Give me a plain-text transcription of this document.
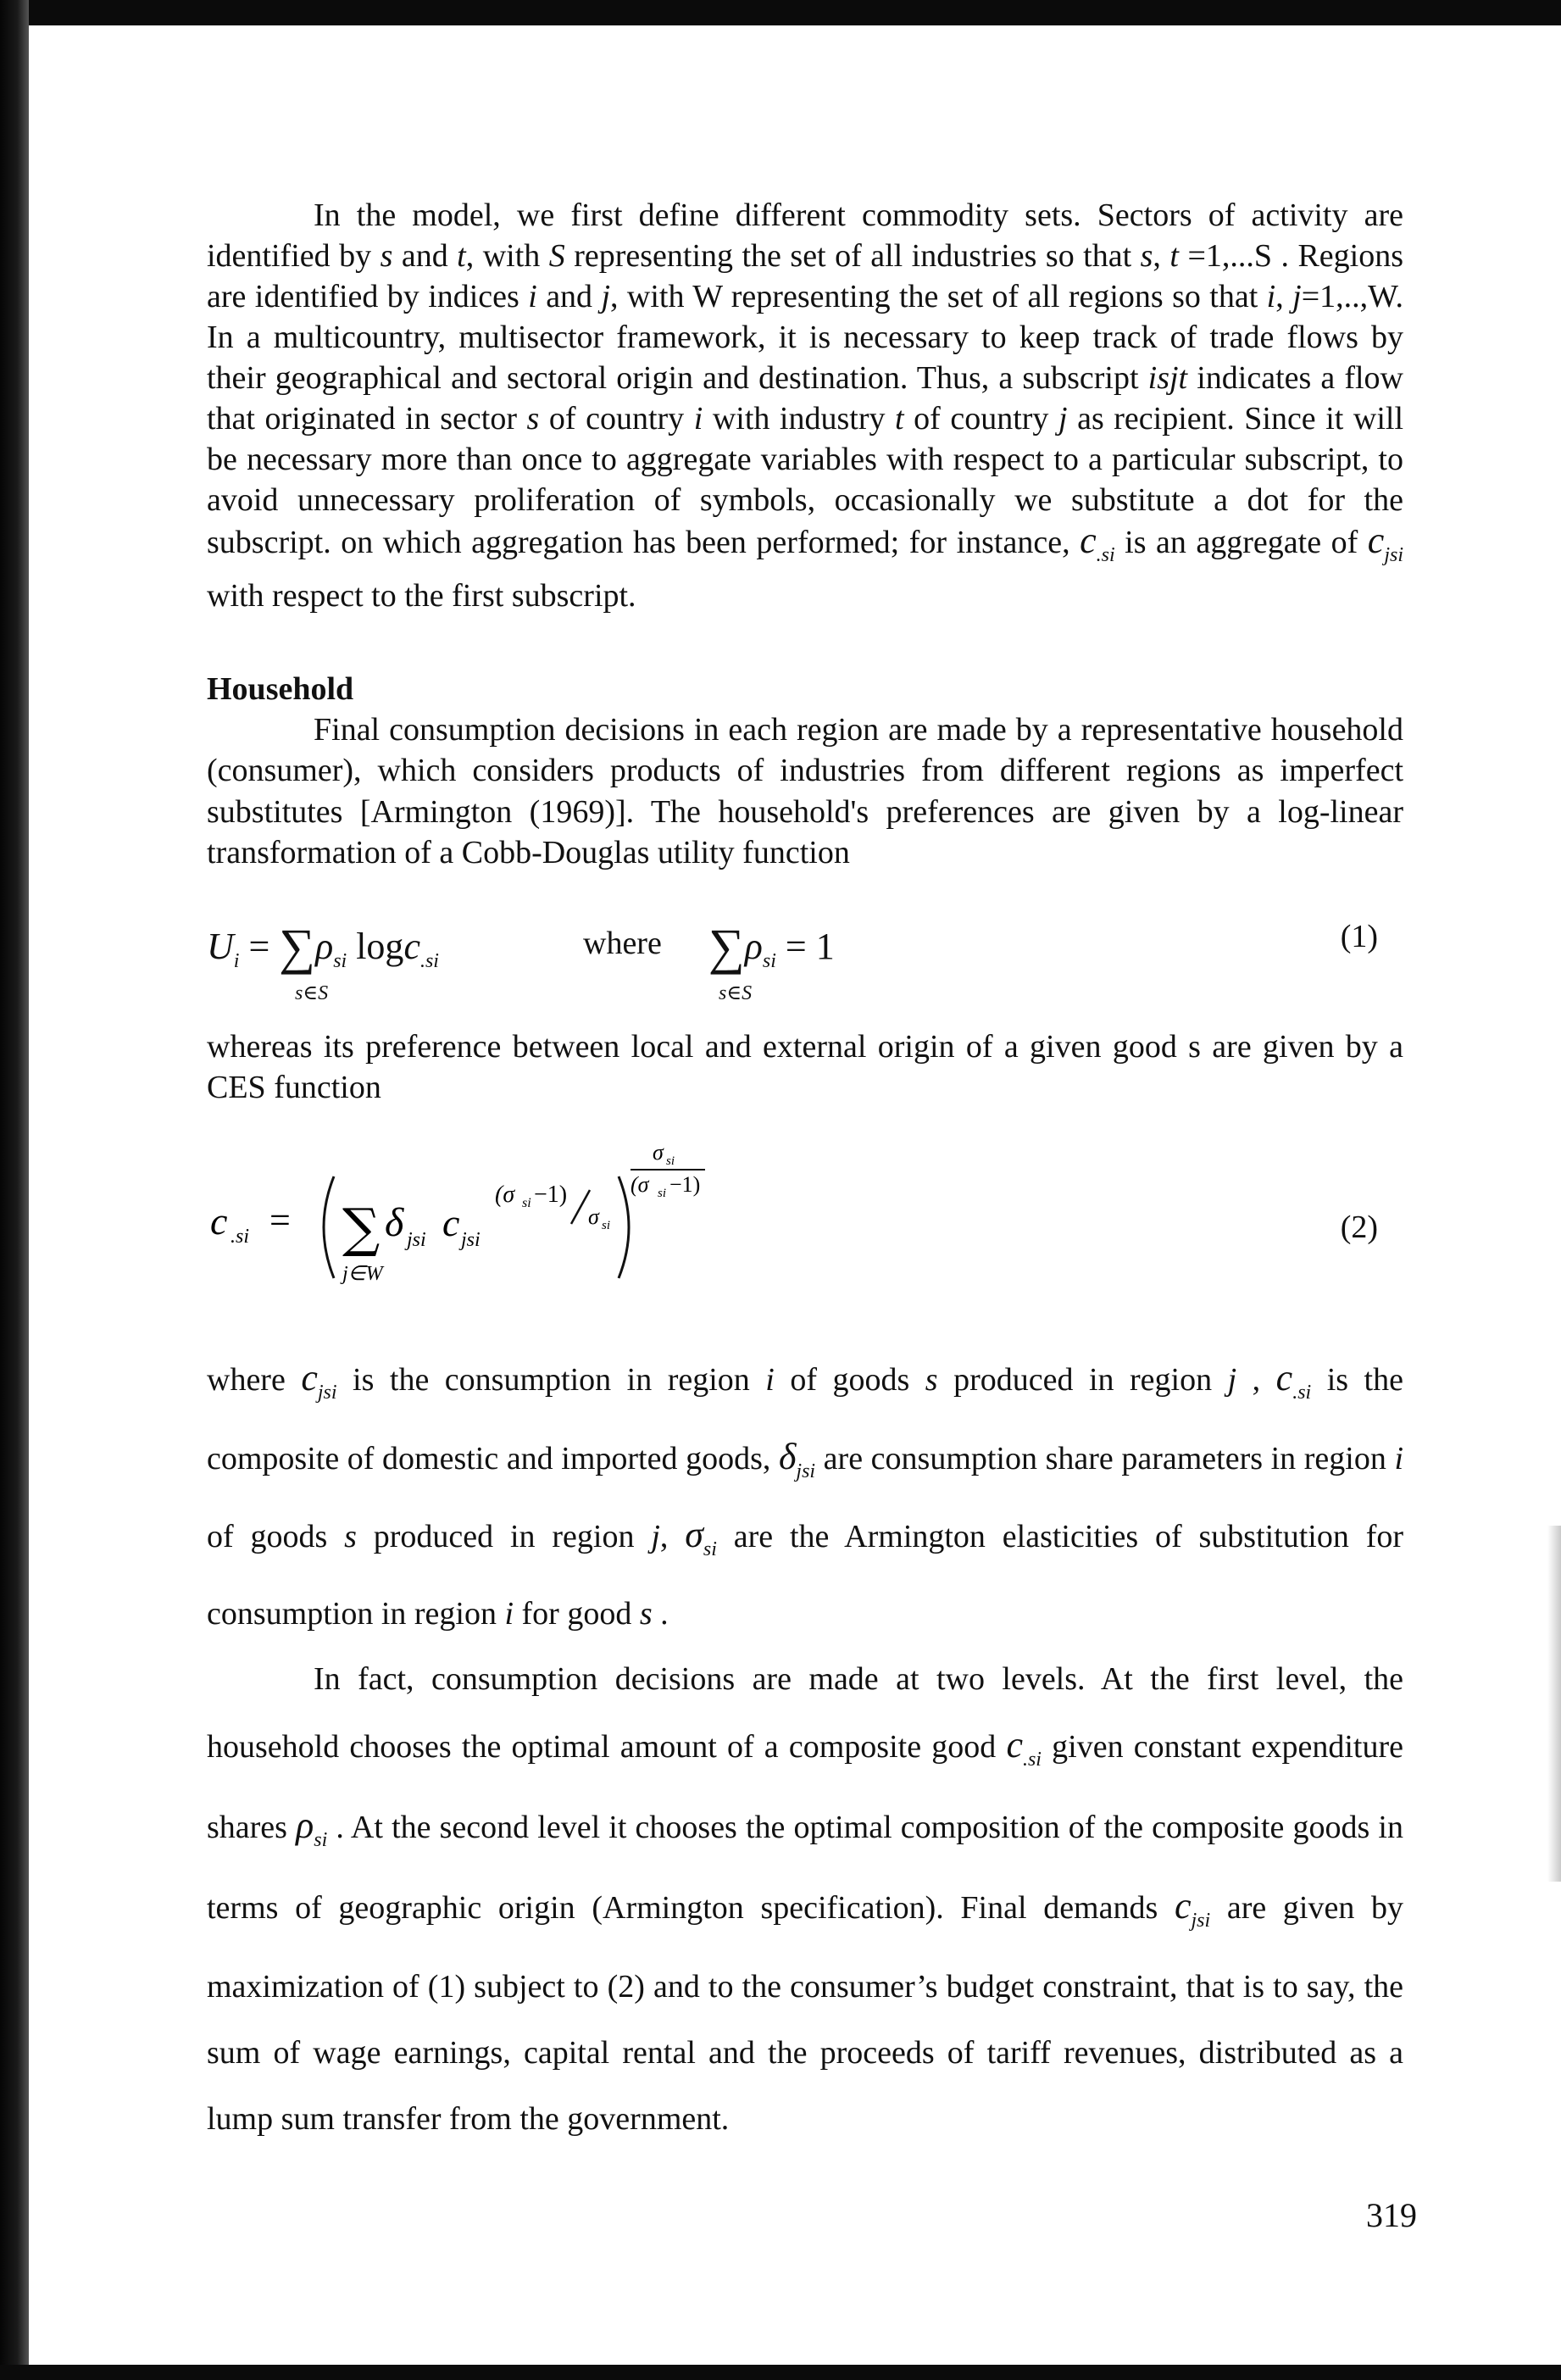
In the model, we first define different commodity sets. Sectors of activity are identified by s and t, with S representing the set of all industries so that s, t =1,...S . Regions are identified by indices i and j, with W representing the set of all regions so that i, j=1,..,W. In a multicountry, multisector framework, it is necessary to keep track of trade flows by their geographical and sectoral origin and destination. Thus, a subscript isjt indicates a flow that originated in sector s of country i with industry t of country j as recipient. Since it will be necessary more than once to aggregate variables with respect to a particular subscript, to avoid unnecessary proliferation of symbols, occasionally we substitute a dot for the subscript. on which aggregation has been performed; for instance, $c_{.si}$ is an aggregate of $c_{jsi}$ with respect to the first subscript.

Household

Final consumption decisions in each region are made by a representative household (consumer), which considers products of industries from different regions as imperfect substitutes [Armington (1969)]. The household's preferences are given by a log-linear transformation of a Cobb-Douglas utility function

$U_i = \sum\rho_{si}$ logc$_{.si}$
s∈S
where $\sum\rho_{si} = 1$
s∈S
(1)

whereas its preference between local and external origin of a given good s are given by a CES function

c .si = ∑
j∈W
δ jsi c jsi
(σ si −1)
σ si
σ si
(σ si −1)
(2)

where $c_{jsi}$ is the consumption in region i of goods s produced in region j , $c_{.si}$ is the composite of domestic and imported goods, $\delta_{jsi}$ are consumption share parameters in region i of goods s produced in region j, $\sigma_{si}$ are the Armington elasticities of substitution for consumption in region i for good s .

In fact, consumption decisions are made at two levels. At the first level, the household chooses the optimal amount of a composite good $c_{.si}$ given constant expenditure shares $\rho_{si}$ . At the second level it chooses the optimal composition of the composite goods in terms of geographic origin (Armington specification). Final demands $c_{jsi}$ are given by maximization of (1) subject to (2) and to the consumer’s budget constraint, that is to say, the sum of wage earnings, capital rental and the proceeds of tariff revenues, distributed as a lump sum transfer from the government.

319
